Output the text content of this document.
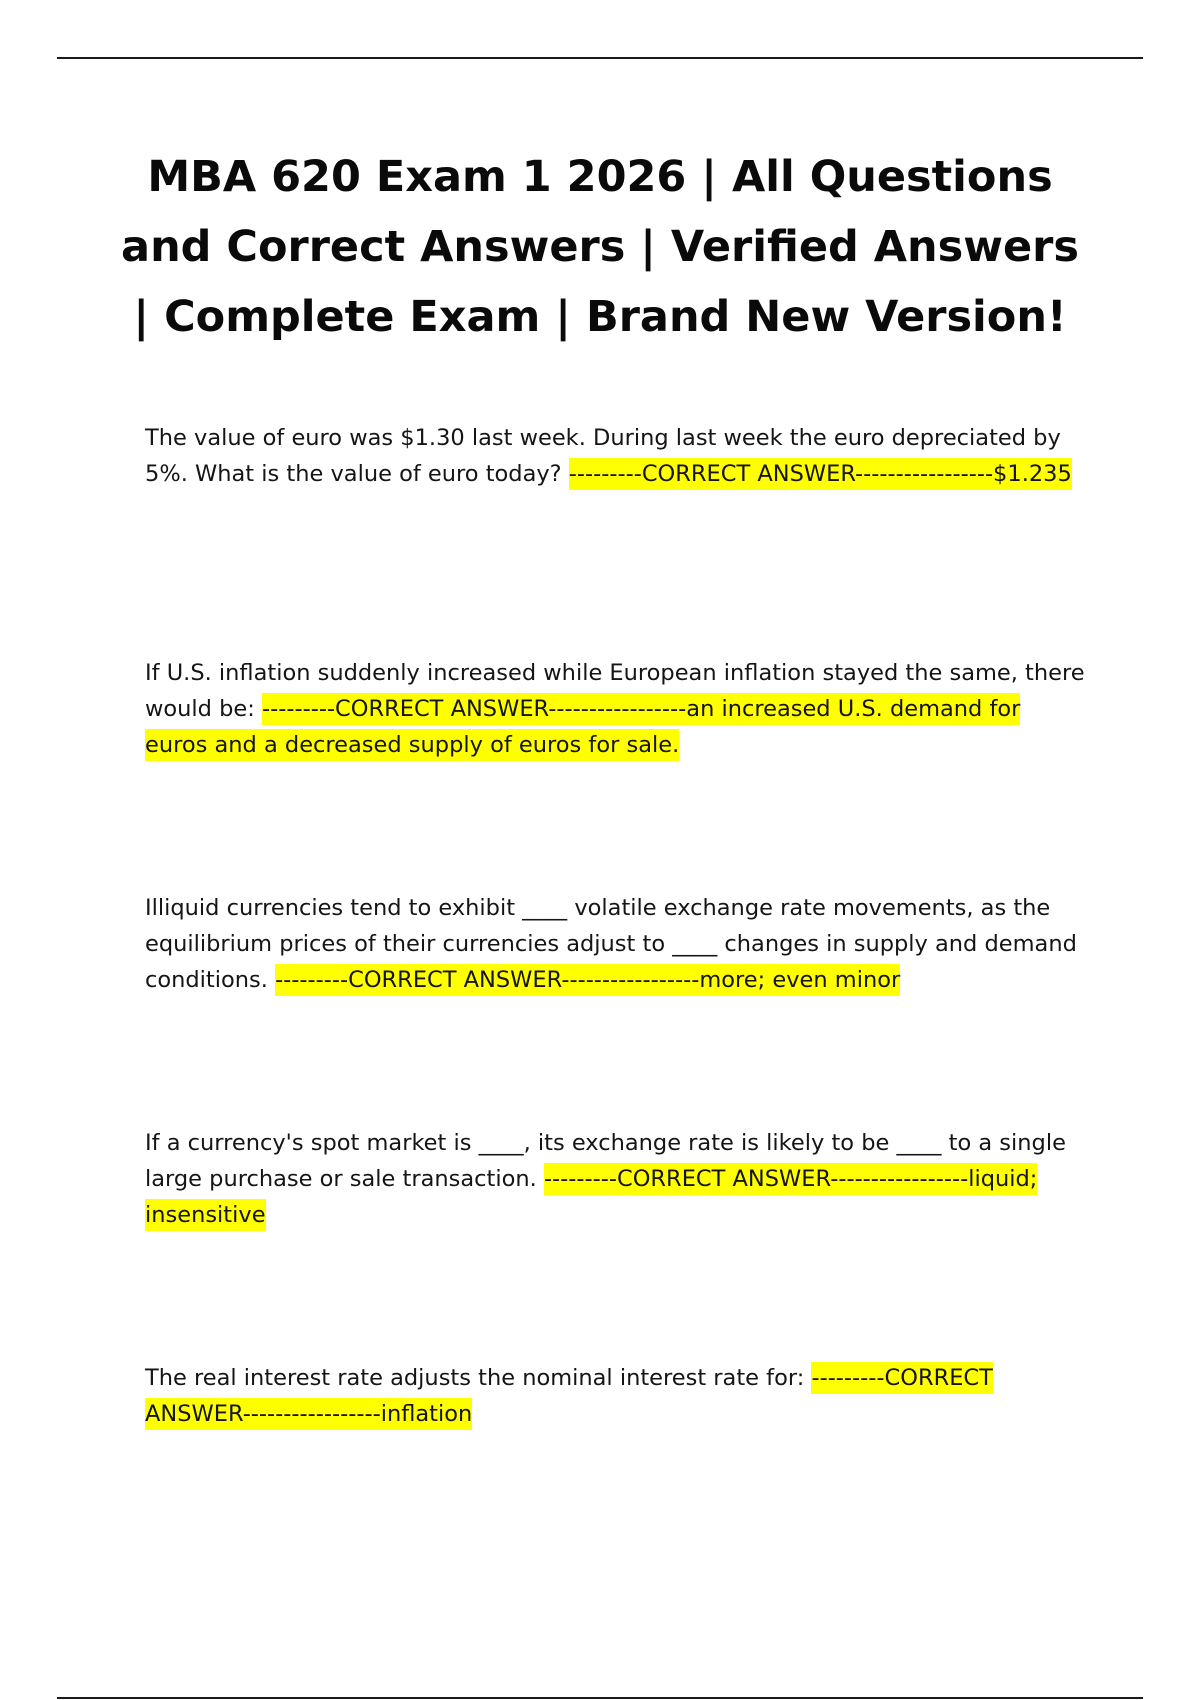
MBA 620 Exam 1 2026 | All Questions and Correct Answers | Verified Answers | Complete Exam | Brand New Version!

The value of euro was $1.30 last week. During last week the euro depreciated by 5%. What is the value of euro today? ---------CORRECT ANSWER-----------------$1.235

If U.S. inflation suddenly increased while European inflation stayed the same, there would be: ---------CORRECT ANSWER-----------------an increased U.S. demand for euros and a decreased supply of euros for sale.

Illiquid currencies tend to exhibit ____ volatile exchange rate movements, as the equilibrium prices of their currencies adjust to ____ changes in supply and demand conditions. ---------CORRECT ANSWER-----------------more; even minor

If a currency's spot market is ____, its exchange rate is likely to be ____ to a single large purchase or sale transaction. ---------CORRECT ANSWER-----------------liquid; insensitive

The real interest rate adjusts the nominal interest rate for: ---------CORRECT ANSWER-----------------inflation
